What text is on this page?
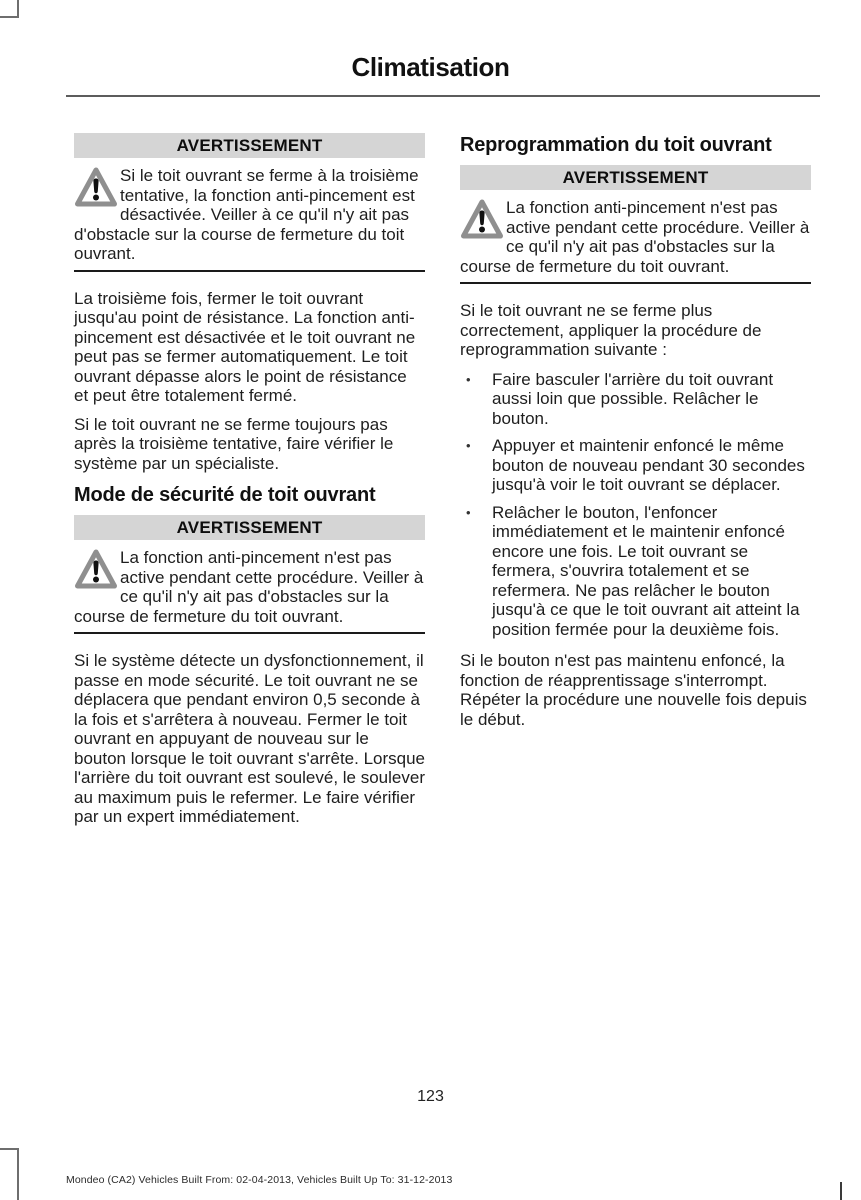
Climatisation
AVERTISSEMENT

Si le toit ouvrant se ferme à la troisième tentative, la fonction anti-pincement est désactivée. Veiller à ce qu'il n'y ait pas d'obstacle sur la course de fermeture du toit ouvrant.

La troisième fois, fermer le toit ouvrant jusqu'au point de résistance. La fonction anti-pincement est désactivée et le toit ouvrant ne peut pas se fermer automatiquement. Le toit ouvrant dépasse alors le point de résistance et peut être totalement fermé.

Si le toit ouvrant ne se ferme toujours pas après la troisième tentative, faire vérifier le système par un spécialiste.

Mode de sécurité de toit ouvrant
AVERTISSEMENT

La fonction anti-pincement n'est pas active pendant cette procédure. Veiller à ce qu'il n'y ait pas d'obstacles sur la course de fermeture du toit ouvrant.

Si le système détecte un dysfonctionnement, il passe en mode sécurité. Le toit ouvrant ne se déplacera que pendant environ 0,5 seconde à la fois et s'arrêtera à nouveau. Fermer le toit ouvrant en appuyant de nouveau sur le bouton lorsque le toit ouvrant s'arrête. Lorsque l'arrière du toit ouvrant est soulevé, le soulever au maximum puis le refermer. Le faire vérifier par un expert immédiatement.

Reprogrammation du toit ouvrant
AVERTISSEMENT

La fonction anti-pincement n'est pas active pendant cette procédure. Veiller à ce qu'il n'y ait pas d'obstacles sur la course de fermeture du toit ouvrant.

Si le toit ouvrant ne se ferme plus correctement, appliquer la procédure de reprogrammation suivante :

• Faire basculer l'arrière du toit ouvrant aussi loin que possible. Relâcher le bouton.
• Appuyer et maintenir enfoncé le même bouton de nouveau pendant 30 secondes jusqu'à voir le toit ouvrant se déplacer.
• Relâcher le bouton, l'enfoncer immédiatement et le maintenir enfoncé encore une fois. Le toit ouvrant se fermera, s'ouvrira totalement et se refermera. Ne pas relâcher le bouton jusqu'à ce que le toit ouvrant ait atteint la position fermée pour la deuxième fois.

Si le bouton n'est pas maintenu enfoncé, la fonction de réapprentissage s'interrompt. Répéter la procédure une nouvelle fois depuis le début.

123
Mondeo (CA2) Vehicles Built From: 02-04-2013, Vehicles Built Up To: 31-12-2013
